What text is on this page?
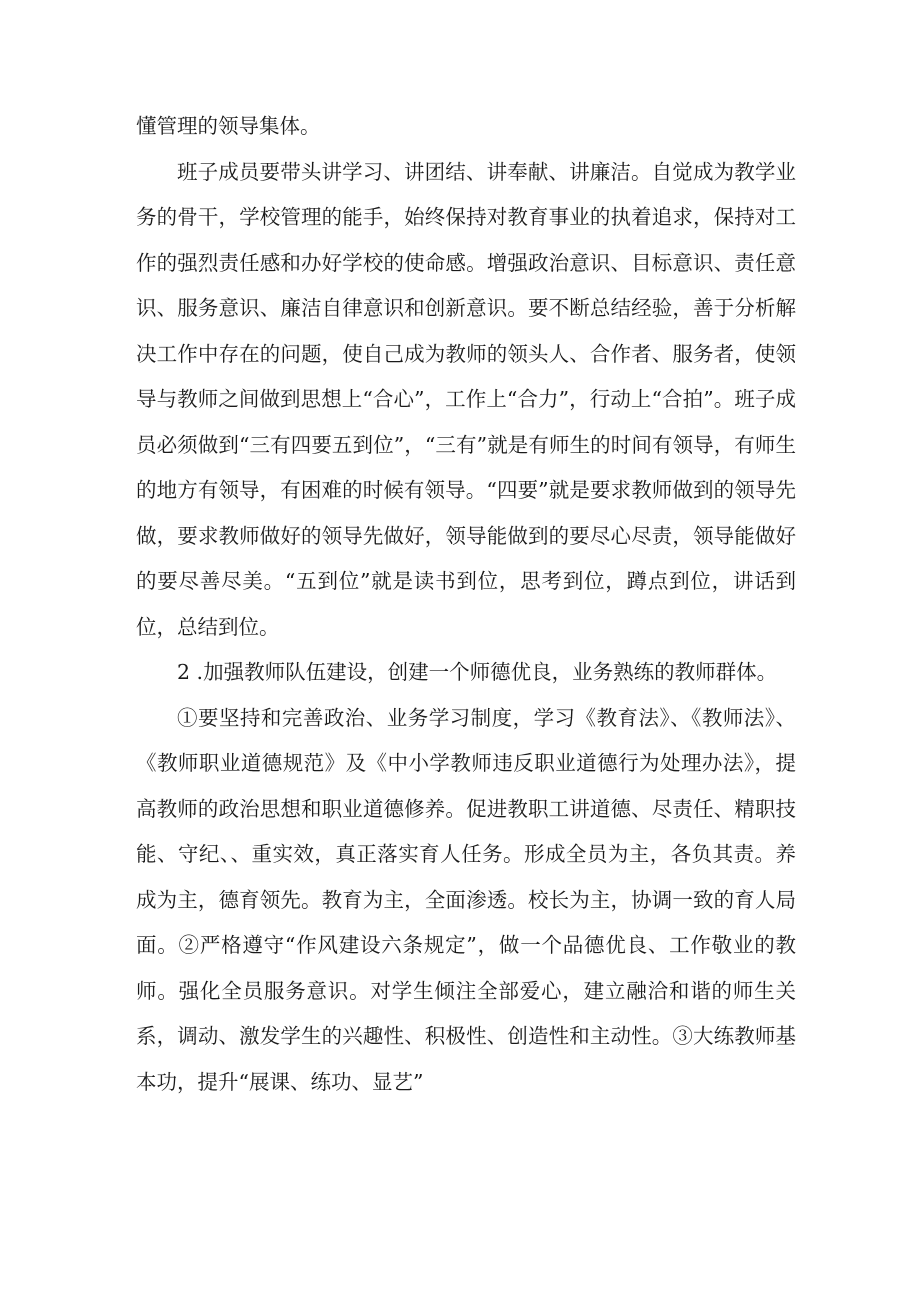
懂管理的领导集体。

班子成员要带头讲学习、讲团结、讲奉献、讲廉洁。自觉成为教学业务的骨干，学校管理的能手，始终保持对教育事业的执着追求，保持对工作的强烈责任感和办好学校的使命感。增强政治意识、目标意识、责任意识、服务意识、廉洁自律意识和创新意识。要不断总结经验，善于分析解决工作中存在的问题，使自己成为教师的领头人、合作者、服务者，使领导与教师之间做到思想上“合心”，工作上“合力”，行动上“合拍”。班子成员必须做到“三有四要五到位”，“三有”就是有师生的时间有领导，有师生的地方有领导，有困难的时候有领导。“四要”就是要求教师做到的领导先做，要求教师做好的领导先做好，领导能做到的要尽心尽责，领导能做好的要尽善尽美。“五到位”就是读书到位，思考到位，蹲点到位，讲话到位，总结到位。

2 .加强教师队伍建设，创建一个师德优良，业务熟练的教师群体。

①要坚持和完善政治、业务学习制度，学习《教育法》、《教师法》、《教师职业道德规范》及《中小学教师违反职业道德行为处理办法》，提高教师的政治思想和职业道德修养。促进教职工讲道德、尽责任、精职技能、守纪、、重实效，真正落实育人任务。形成全员为主，各负其责。养成为主，德育领先。教育为主，全面渗透。校长为主，协调一致的育人局面。②严格遵守“作风建设六条规定”，做一个品德优良、工作敬业的教师。强化全员服务意识。对学生倾注全部爱心，建立融洽和谐的师生关系，调动、激发学生的兴趣性、积极性、创造性和主动性。③大练教师基本功，提升“展课、练功、显艺”
